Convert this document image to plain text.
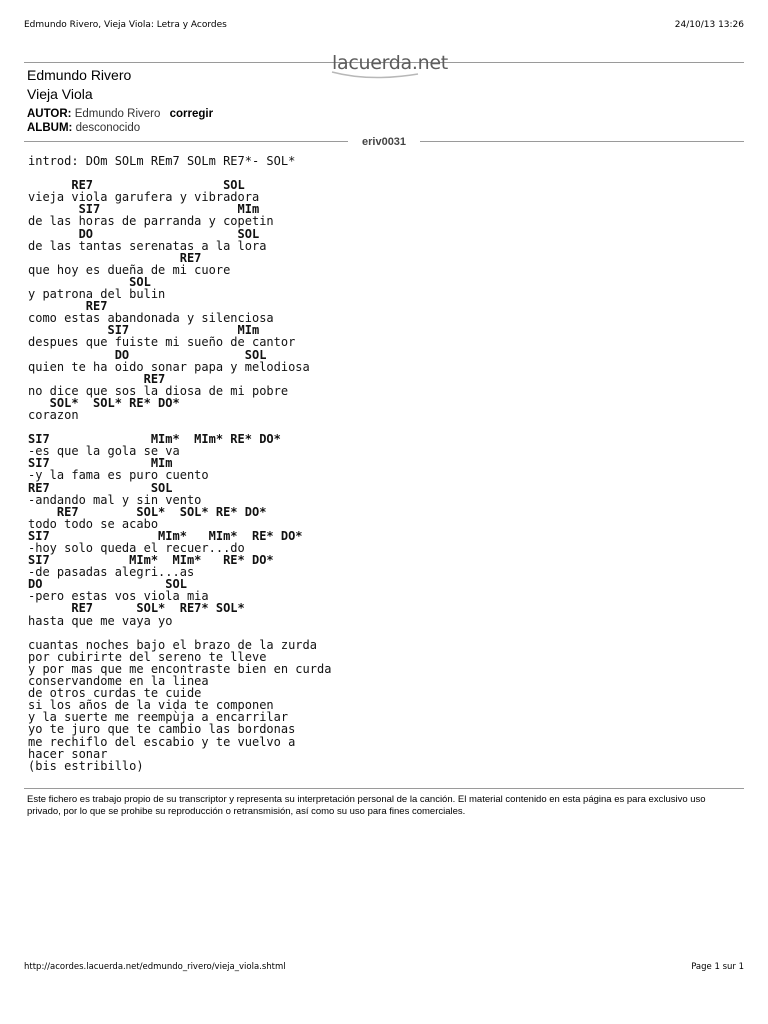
Edmundo Rivero, Vieja Viola: Letra y Acordes	24/10/13 13:26
lacuerda.net
Edmundo Rivero
Vieja Viola
AUTOR: Edmundo Rivero corregir
ALBUM: desconocido
eriv0031
introd: DOm SOLm REm7 SOLm RE7*- SOL*

RE7                  SOL
vieja viola garufera y vibradora
SI7                   MIm
de las horas de parranda y copetin
DO                    SOL
de las tantas serenatas a la lora
RE7
que hoy es dueña de mi cuore
SOL
y patrona del bulin
RE7
como estas abandonada y silenciosa
SI7               MIm
despues que fuiste mi sueño de cantor
DO                SOL
quien te ha oido sonar papa y melodiosa
RE7
no dice que sos la diosa de mi pobre
SOL*  SOL* RE* DO*
corazon

SI7              MIm*  MIm* RE* DO*
-es que la gola se va
SI7              MIm
-y la fama es puro cuento
RE7              SOL
-andando mal y sin vento
RE7        SOL*  SOL* RE* DO*
todo todo se acabo
SI7               MIm*   MIm*  RE* DO*
-hoy solo queda el recuer...do
SI7           MIm*  MIm*   RE* DO*
-de pasadas alegri...as
DO                 SOL
-pero estas vos viola mia
RE7      SOL*  RE7* SOL*
hasta que me vaya yo

cuantas noches bajo el brazo de la zurda
por cubirirte del sereno te lleve
y por mas que me encontraste bien en curda
conservandome en la linea
de otros curdas te cuide
si los años de la vida te componen
y la suerte me reempùja a encarrilar
yo te juro que te cambio las bordonas
me rechiflo del escabio y te vuelvo a
hacer sonar
(bis estribillo)

Este fichero es trabajo propio de su transcriptor y representa su interpretación personal de la canción. El material contenido en esta página es para exclusivo uso privado, por lo que se prohibe su reproducción o retransmisión, así como su uso para fines comerciales.
http://acordes.lacuerda.net/edmundo_rivero/vieja_viola.shtml	Page 1 sur 1
